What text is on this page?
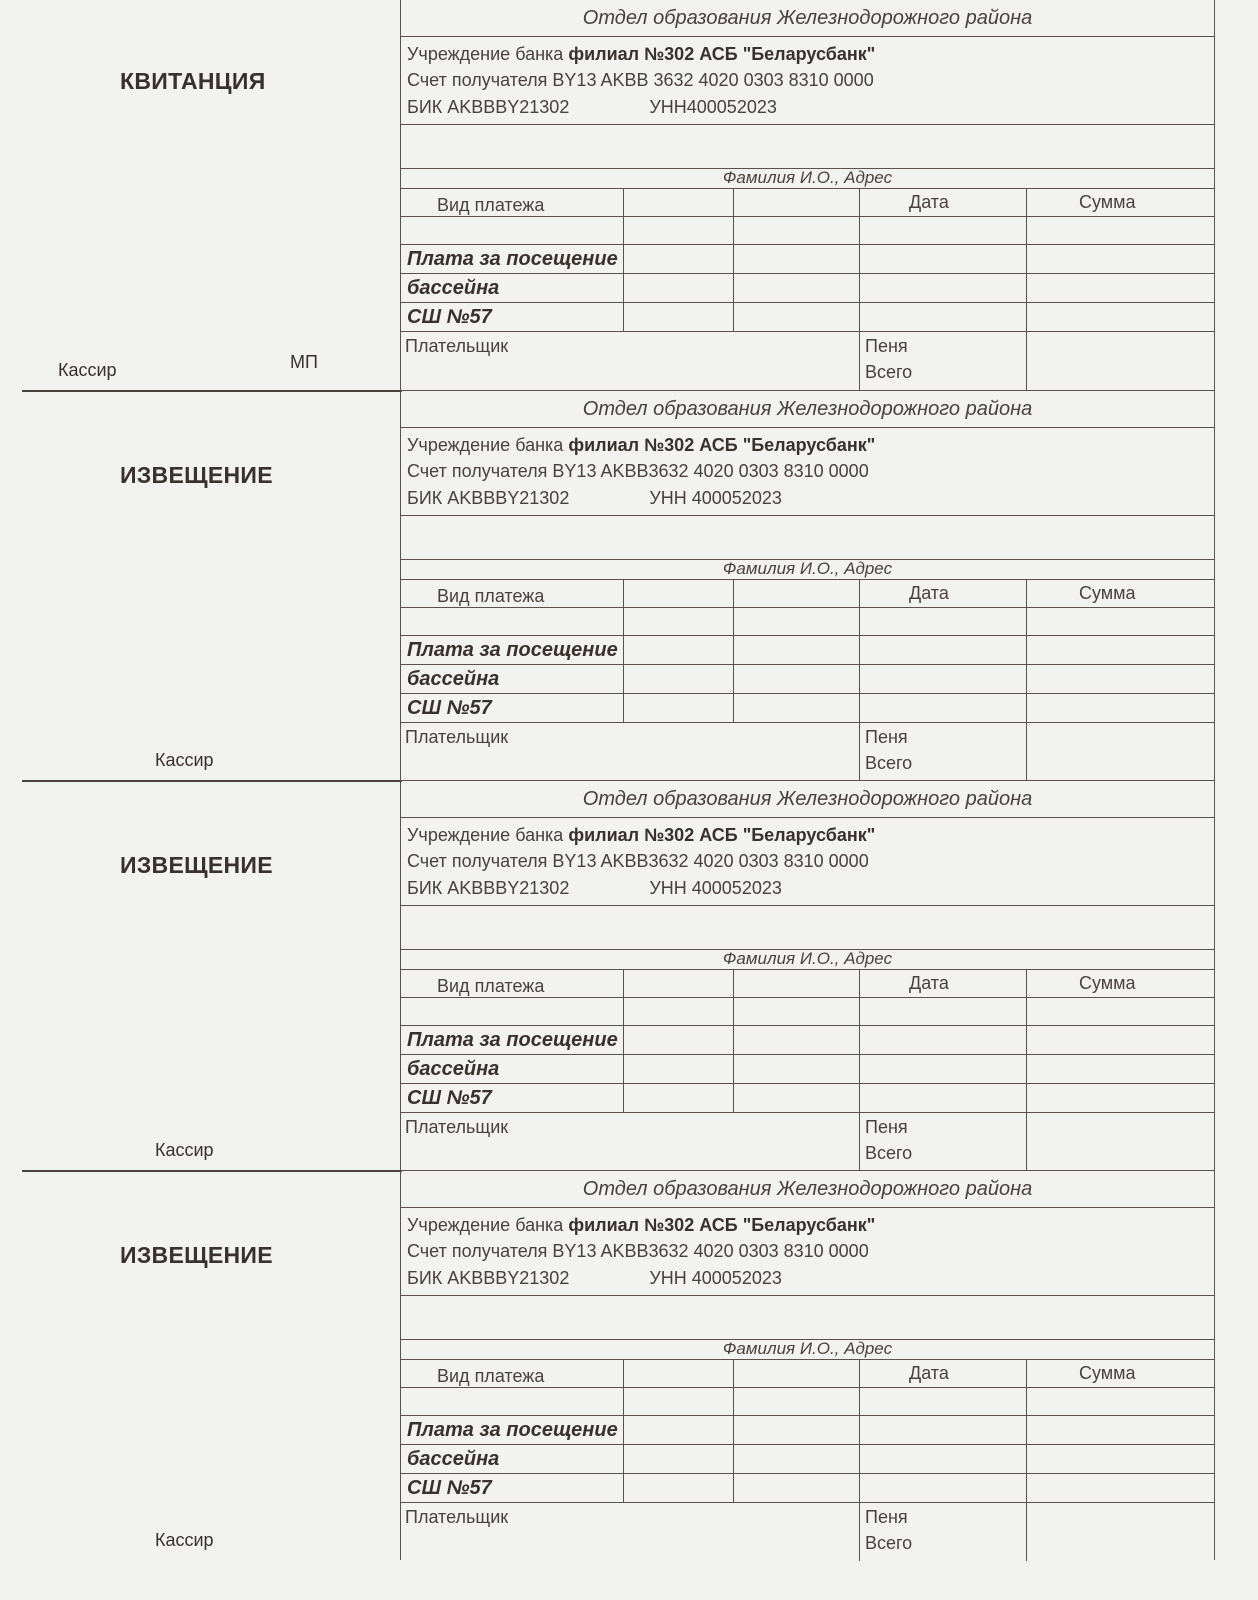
КВИТАНЦИЯ
Кассир	МП
Отдел образования Железнодорожного района
Учреждение банка филиал №302 АСБ "Беларусбанк"
Счет получателя BY13 AKBB 3632 4020 0303 8310 0000
БИК AKBBBY21302	УНН400052023
Фамилия И.О., Адрес
Вид платежа	Дата	Сумма
Плата за посещение
бассейна
СШ №57
Плательщик	Пеня
Всего
ИЗВЕЩЕНИЕ
Кассир
Отдел образования Железнодорожного района
Учреждение банка филиал №302 АСБ "Беларусбанк"
Счет получателя BY13 AKBB3632 4020 0303 8310 0000
БИК AKBBBY21302	УНН 400052023
Фамилия И.О., Адрес
Вид платежа	Дата	Сумма
Плата за посещение
бассейна
СШ №57
Плательщик	Пеня
Всего
ИЗВЕЩЕНИЕ
Кассир
Отдел образования Железнодорожного района
Учреждение банка филиал №302 АСБ "Беларусбанк"
Счет получателя BY13 AKBB3632 4020 0303 8310 0000
БИК AKBBBY21302	УНН 400052023
Фамилия И.О., Адрес
Вид платежа	Дата	Сумма
Плата за посещение
бассейна
СШ №57
Плательщик	Пеня
Всего
ИЗВЕЩЕНИЕ
Кассир
Отдел образования Железнодорожного района
Учреждение банка филиал №302 АСБ "Беларусбанк"
Счет получателя BY13 AKBB3632 4020 0303 8310 0000
БИК AKBBBY21302	УНН 400052023
Фамилия И.О., Адрес
Вид платежа	Дата	Сумма
Плата за посещение
бассейна
СШ №57
Плательщик	Пеня
Всего
